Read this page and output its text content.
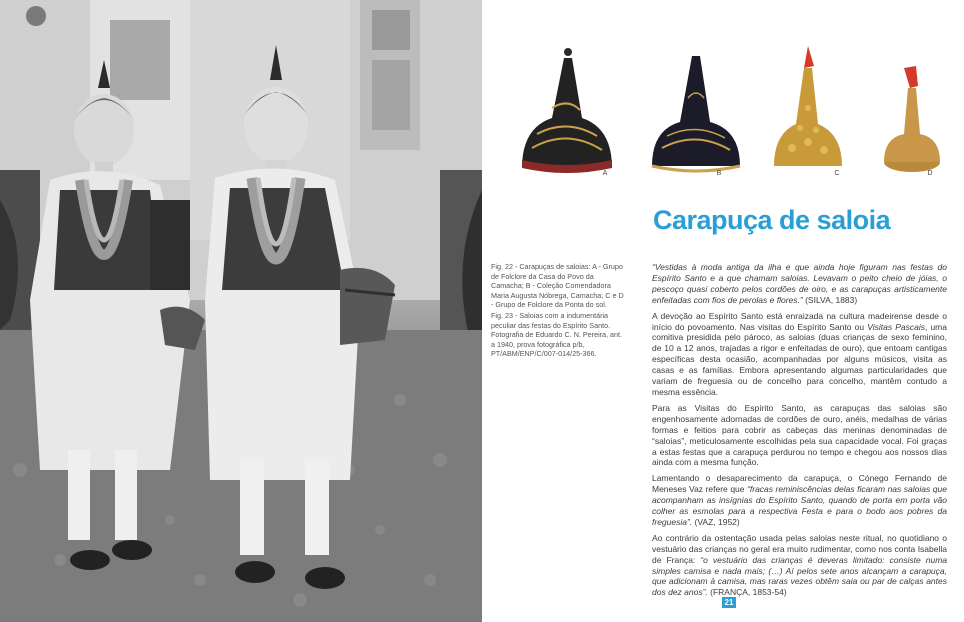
A	B	C	D
Carapuça de saloia

Fig. 22 - Carapuças de saloias: A - Grupo de Folclore da Casa do Povo da Camacha; B - Coleção Comendadora Maria Augusta Nóbrega, Camacha; C e D - Grupo de Folclore da Ponta do sol.

Fig. 23 - Saloias com a indumentária peculiar das festas do Espírito Santo. Fotografia de Eduardo C. N. Pereira, ant. a 1940, prova fotográfica p/b, PT/ABM/ENP/C/007-014/25-366.

“Vestidas à moda antiga da ilha e que ainda hoje figuram nas festas do Espírito Santo e a que chamam saloias. Levavam o peito cheio de jóias, o pescoço quasi coberto pelos cordões de oiro, e as carapuças artisticamente enfeitadas com fios de perolas e flores.” (SILVA, 1883)

A devoção ao Espírito Santo está enraizada na cultura madeirense desde o início do povoamento. Nas visitas do Espírito Santo ou Visitas Pascais, uma comitiva presidida pelo pároco, as saloias (duas crianças de sexo feminino, de 10 a 12 anos, trajadas a rigor e enfeitadas de ouro), que entoam cantigas específicas desta ocasião, acompanhadas por alguns músicos, visita as casas e as famílias. Embora apresentando algumas particularidades que variam de freguesia ou de concelho para concelho, mantêm contudo a mesma essência.

Para as Visitas do Espírito Santo, as carapuças das saloias são engenhosamente adornadas de cordões de ouro, anéis, medalhas de várias formas e feitios para cobrir as cabeças das meninas denominadas de “saloias”, meticulosamente escolhidas pela sua capacidade vocal. Foi graças a estas festas que a carapuça perdurou no tempo e chegou aos nossos dias ainda com a mesma função.

Lamentando o desaparecimento da carapuça, o Cónego Fernando de Meneses Vaz refere que “fracas reminiscências delas ficaram nas saloias que acompanham as insígnias do Espírito Santo, quando de porta em porta vão colher as esmolas para a respectiva Festa e para o bodo aos pobres da freguesia”. (VAZ, 1952)

Ao contrário da ostentação usada pelas saloias neste ritual, no quotidiano o vestuário das crianças no geral era muito rudimentar, como nos conta Isabella de França: “o vestuário das crianças é deveras limitado: consiste numa simples camisa e nada mais; (…) Aí pelos sete anos alcançam a carapuça, que adicionam à camisa, mas raras vezes obtêm saia ou par de calças antes dos dez anos”. (FRANÇA, 1853-54)

21
